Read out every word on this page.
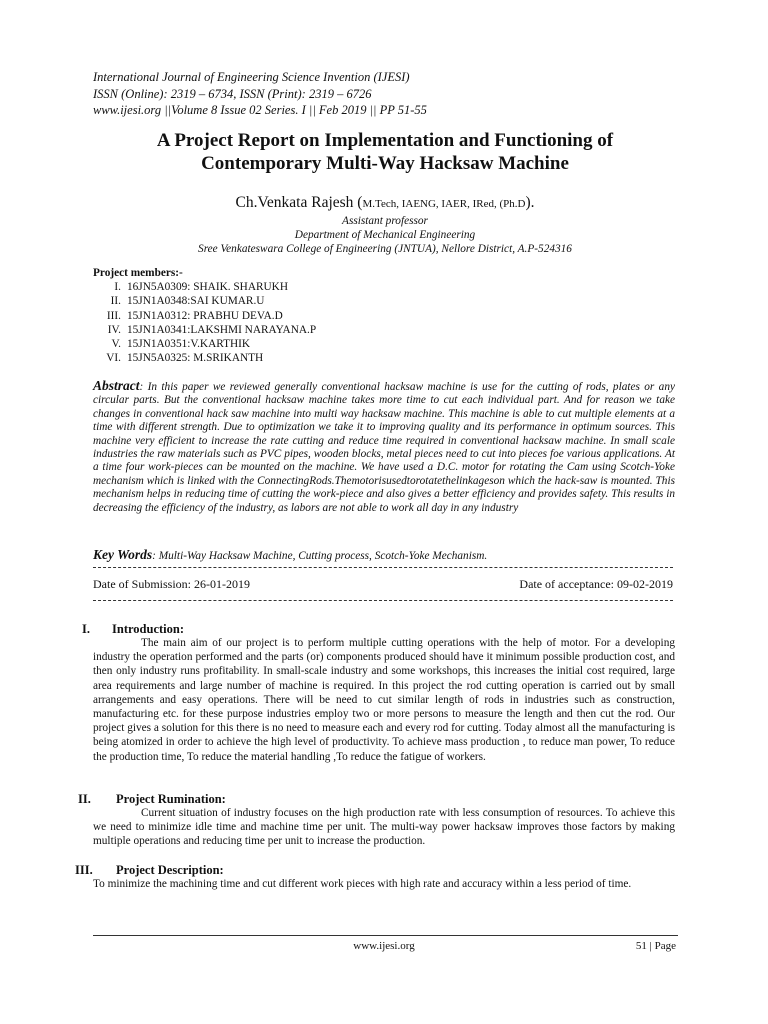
International Journal of Engineering Science Invention (IJESI)
ISSN (Online): 2319 – 6734, ISSN (Print): 2319 – 6726
www.ijesi.org ||Volume 8 Issue 02 Series. I || Feb 2019 || PP 51-55
A Project Report on Implementation and Functioning of
Contemporary Multi-Way Hacksaw Machine
Ch.Venkata Rajesh (M.Tech, IAENG, IAER, IRed, (Ph.D).
Assistant professor
Department of Mechanical Engineering
Sree Venkateswara College of Engineering (JNTUA), Nellore District, A.P-524316
Project members:-
I. 16JN5A0309: SHAIK. SHARUKH
II. 15JN1A0348:SAI KUMAR.U
III. 15JN1A0312: PRABHU DEVA.D
IV. 15JN1A0341:LAKSHMI NARAYANA.P
V. 15JN1A0351:V.KARTHIK
VI. 15JN5A0325: M.SRIKANTH
Abstract: In this paper we reviewed generally conventional hacksaw machine is use for the cutting of rods, plates or any circular parts. But the conventional hacksaw machine takes more time to cut each individual part. And for reason we take changes in conventional hack saw machine into multi way hacksaw machine. This machine is able to cut multiple elements at a time with different strength. Due to optimization we take it to improving quality and its performance in optimum sources. This machine very efficient to increase the rate cutting and reduce time required in conventional hacksaw machine. In small scale industries the raw materials such as PVC pipes, wooden blocks, metal pieces need to cut into pieces foe various applications. At a time four work-pieces can be mounted on the machine. We have used a D.C. motor for rotating the Cam using Scotch-Yoke mechanism which is linked with the ConnectingRods.Themotorisusedtorotatethelinkageson which the hack-saw is mounted. This mechanism helps in reducing time of cutting the work-piece and also gives a better efficiency and provides safety. This results in decreasing the efficiency of the industry, as labors are not able to work all day in any industry
Key Words: Multi-Way Hacksaw Machine, Cutting process, Scotch-Yoke Mechanism.
Date of Submission: 26-01-2019	Date of acceptance: 09-02-2019
I. Introduction:
The main aim of our project is to perform multiple cutting operations with the help of motor. For a developing industry the operation performed and the parts (or) components produced should have it minimum possible production cost, and then only industry runs profitability. In small-scale industry and some workshops, this increases the initial cost required, large area requirements and large number of machine is required. In this project the rod cutting operation is carried out by small arrangements and easy operations. There will be need to cut similar length of rods in industries such as construction, manufacturing etc. for these purpose industries employ two or more persons to measure the length and then cut the rod. Our project gives a solution for this there is no need to measure each and every rod for cutting. Today almost all the manufacturing is being atomized in order to achieve the high level of productivity. To achieve mass production , to reduce man power, To reduce the production time, To reduce the material handling ,To reduce the fatigue of workers.
II. Project Rumination:
Current situation of industry focuses on the high production rate with less consumption of resources. To achieve this we need to minimize idle time and machine time per unit. The multi-way power hacksaw improves those factors by making multiple operations and reducing time per unit to increase the production.
III. Project Description:
To minimize the machining time and cut different work pieces with high rate and accuracy within a less period of time.
www.ijesi.org	51 | Page
